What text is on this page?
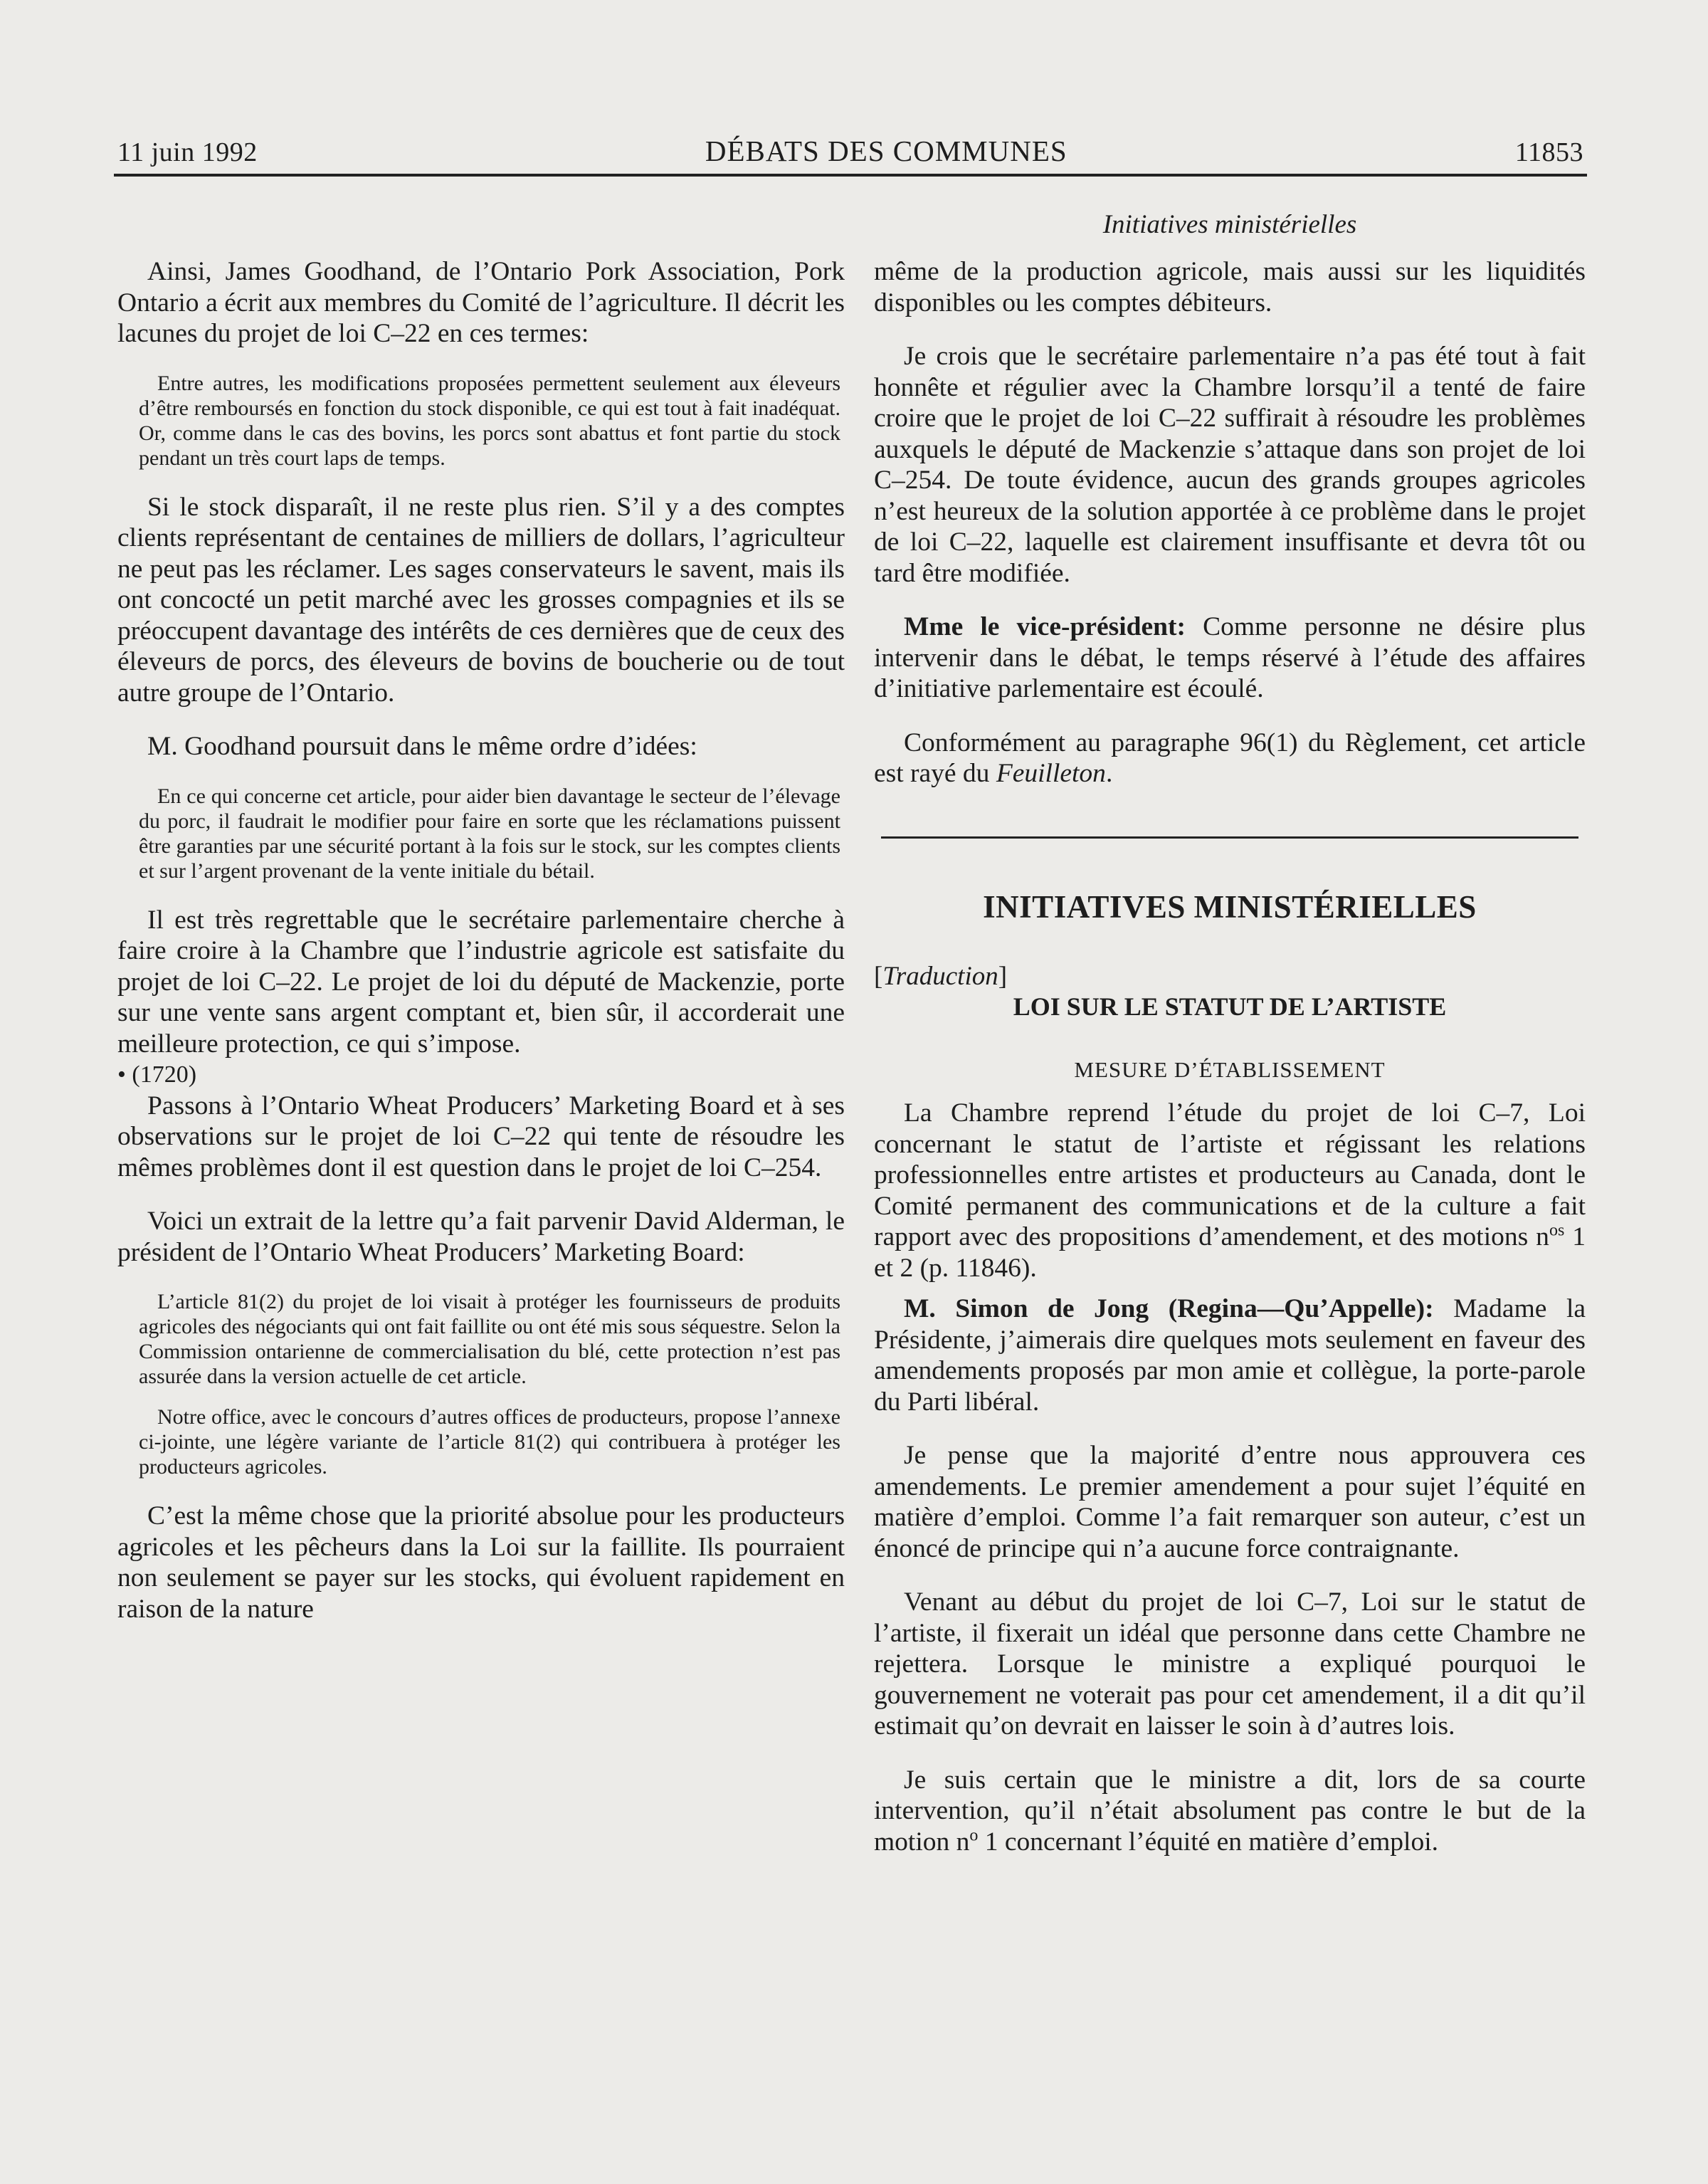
11 juin 1992	DÉBATS DES COMMUNES	11853
Initiatives ministérielles

Ainsi, James Goodhand, de l’Ontario Pork Association, Pork Ontario a écrit aux membres du Comité de l’agriculture. Il décrit les lacunes du projet de loi C–22 en ces termes:

Entre autres, les modifications proposées permettent seulement aux éleveurs d’être remboursés en fonction du stock disponible, ce qui est tout à fait inadéquat. Or, comme dans le cas des bovins, les porcs sont abattus et font partie du stock pendant un très court laps de temps.

Si le stock disparaît, il ne reste plus rien. S’il y a des comptes clients représentant de centaines de milliers de dollars, l’agriculteur ne peut pas les réclamer. Les sages conservateurs le savent, mais ils ont concocté un petit marché avec les grosses compagnies et ils se préoccupent davantage des intérêts de ces dernières que de ceux des éleveurs de porcs, des éleveurs de bovins de boucherie ou de tout autre groupe de l’Ontario.

M. Goodhand poursuit dans le même ordre d’idées:

En ce qui concerne cet article, pour aider bien davantage le secteur de l’élevage du porc, il faudrait le modifier pour faire en sorte que les réclamations puissent être garanties par une sécurité portant à la fois sur le stock, sur les comptes clients et sur l’argent provenant de la vente initiale du bétail.

Il est très regrettable que le secrétaire parlementaire cherche à faire croire à la Chambre que l’industrie agricole est satisfaite du projet de loi C–22. Le projet de loi du député de Mackenzie, porte sur une vente sans argent comptant et, bien sûr, il accorderait une meilleure protection, ce qui s’impose.

• (1720)

Passons à l’Ontario Wheat Producers’ Marketing Board et à ses observations sur le projet de loi C–22 qui tente de résoudre les mêmes problèmes dont il est question dans le projet de loi C–254.

Voici un extrait de la lettre qu’a fait parvenir David Alderman, le président de l’Ontario Wheat Producers’ Marketing Board:

L’article 81(2) du projet de loi visait à protéger les fournisseurs de produits agricoles des négociants qui ont fait faillite ou ont été mis sous séquestre. Selon la Commission ontarienne de commercialisation du blé, cette protection n’est pas assurée dans la version actuelle de cet article.

Notre office, avec le concours d’autres offices de producteurs, propose l’annexe ci-jointe, une légère variante de l’article 81(2) qui contribuera à protéger les producteurs agricoles.

C’est la même chose que la priorité absolue pour les producteurs agricoles et les pêcheurs dans la Loi sur la faillite. Ils pourraient non seulement se payer sur les stocks, qui évoluent rapidement en raison de la nature

même de la production agricole, mais aussi sur les liquidités disponibles ou les comptes débiteurs.

Je crois que le secrétaire parlementaire n’a pas été tout à fait honnête et régulier avec la Chambre lorsqu’il a tenté de faire croire que le projet de loi C–22 suffirait à résoudre les problèmes auxquels le député de Mackenzie s’attaque dans son projet de loi C–254. De toute évidence, aucun des grands groupes agricoles n’est heureux de la solution apportée à ce problème dans le projet de loi C–22, laquelle est clairement insuffisante et devra tôt ou tard être modifiée.

Mme le vice-président: Comme personne ne désire plus intervenir dans le débat, le temps réservé à l’étude des affaires d’initiative parlementaire est écoulé.

Conformément au paragraphe 96(1) du Règlement, cet article est rayé du Feuilleton.

INITIATIVES MINISTÉRIELLES

[Traduction]

LOI SUR LE STATUT DE L’ARTISTE
MESURE D’ÉTABLISSEMENT

La Chambre reprend l’étude du projet de loi C–7, Loi concernant le statut de l’artiste et régissant les relations professionnelles entre artistes et producteurs au Canada, dont le Comité permanent des communications et de la culture a fait rapport avec des propositions d’amendement, et des motions $n^{os}$ 1 et 2 (p. 11846).

M. Simon de Jong (Regina—Qu’Appelle): Madame la Présidente, j’aimerais dire quelques mots seulement en faveur des amendements proposés par mon amie et collègue, la porte-parole du Parti libéral.

Je pense que la majorité d’entre nous approuvera ces amendements. Le premier amendement a pour sujet l’équité en matière d’emploi. Comme l’a fait remarquer son auteur, c’est un énoncé de principe qui n’a aucune force contraignante.

Venant au début du projet de loi C–7, Loi sur le statut de l’artiste, il fixerait un idéal que personne dans cette Chambre ne rejettera. Lorsque le ministre a expliqué pourquoi le gouvernement ne voterait pas pour cet amendement, il a dit qu’il estimait qu’on devrait en laisser le soin à d’autres lois.

Je suis certain que le ministre a dit, lors de sa courte intervention, qu’il n’était absolument pas contre le but de la motion $n^o$ 1 concernant l’équité en matière d’emploi.
